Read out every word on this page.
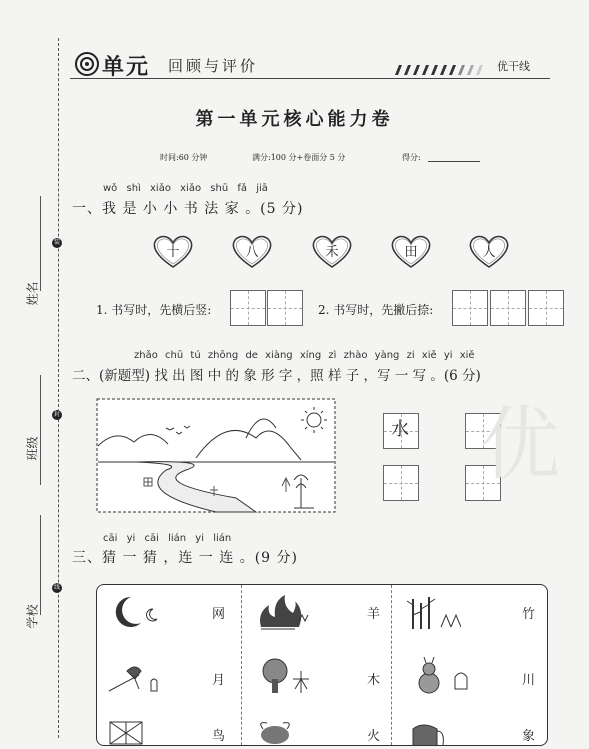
姓名
班级
学校
装
封
线
单元 回顾与评价	优干线
第一单元核心能力卷
时间:60 分钟	满分:100 分+卷面分 5 分	得分:
wǒ shì xiǎo xiǎo shū fǎ jiā
一、我 是 小 小 书 法 家 。(5 分)
十	八	禾	田	人
1. 书写时，先横后竖:	2. 书写时，先撇后捺:
zhǎo chū tú zhōng de xiàng xíng zì zhào yàng zi xiě yi xiě
二、(新题型) 找 出 图 中 的 象 形 字 ，照 样 子 ，写 一 写 。(6 分)
水 优
cāi yi cāi lián yi lián
三、猜 一 猜 ，连 一 连 。(9 分)
网
月
鸟
羊
木
火
竹
川
象
